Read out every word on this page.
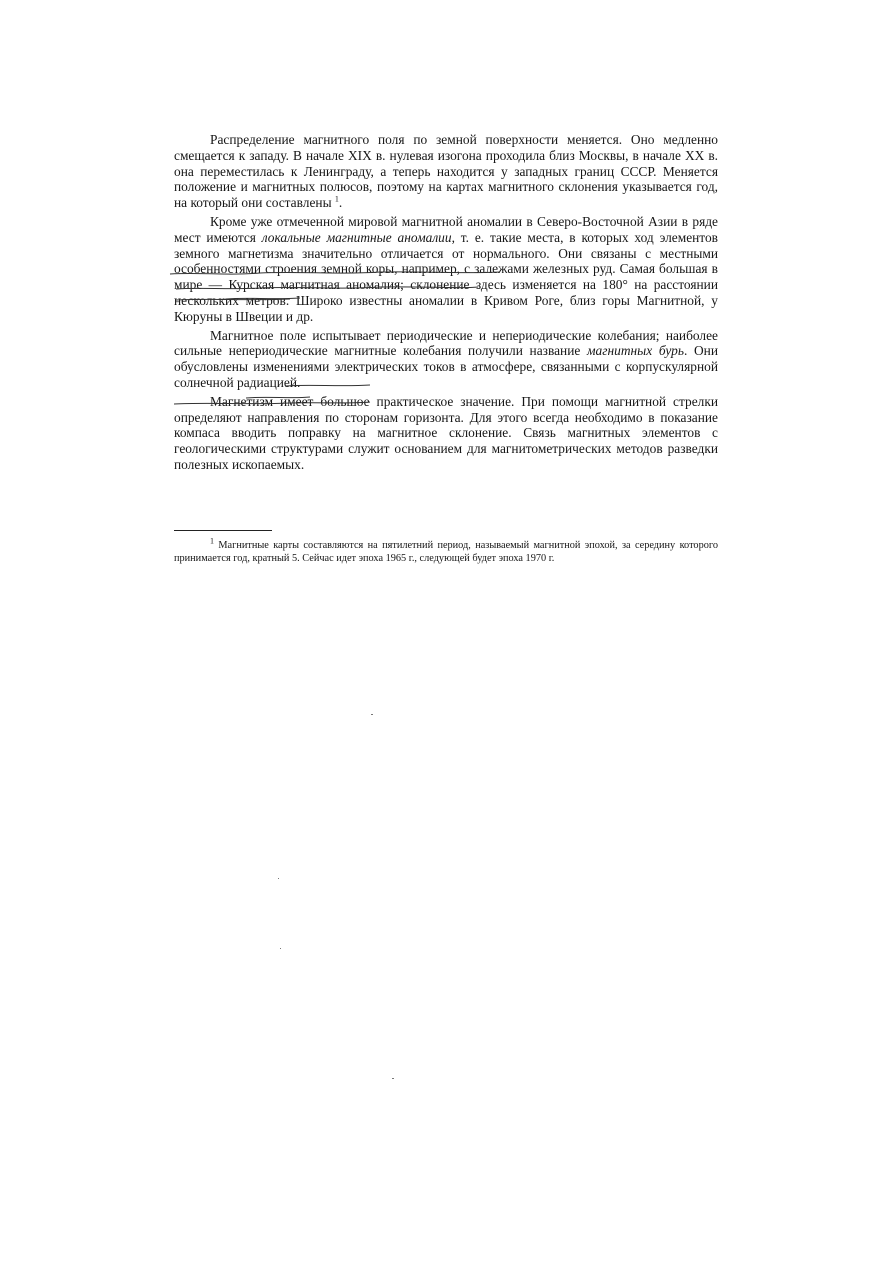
Распределение магнитного поля по земной поверхности меняется. Оно медленно смещается к западу. В начале XIX в. нулевая изогона проходила близ Москвы, в начале XX в. она переместилась к Ленинграду, а теперь находится у западных границ СССР. Меняется положение и магнитных полюсов, поэтому на картах магнитного склонения указывается год, на который они составлены $^1$.

Кроме уже отмеченной мировой магнитной аномалии в Северо-Восточной Азии в ряде мест имеются локальные магнитные аномалии, т. е. такие места, в которых ход элементов земного магнетизма значительно отличается от нормального. Они связаны с местными особенностями строения земной коры, например, с залежами железных руд. Самая большая в мире — Курская магнитная аномалия; склонение здесь изменяется на 180° на расстоянии нескольких метров. Широко известны аномалии в Кривом Роге, близ горы Магнитной, у Кюруны в Швеции и др.

Магнитное поле испытывает периодические и непериодические колебания; наиболее сильные непериодические магнитные колебания получили название магнитных бурь. Они обусловлены изменениями электрических токов в атмосфере, связанными с корпускулярной солнечной радиацией.

Магнетизм имеет большое практическое значение. При помощи магнитной стрелки определяют направления по сторонам горизонта. Для этого всегда необходимо в показание компаса вводить поправку на магнитное склонение. Связь магнитных элементов с геологическими структурами служит основанием для магнитометрических методов разведки полезных ископаемых.

$^1$ Магнитные карты составляются на пятилетний период, называемый магнитной эпохой, за середину которого принимается год, кратный 5. Сейчас идет эпоха 1965 г., следующей будет эпоха 1970 г.
